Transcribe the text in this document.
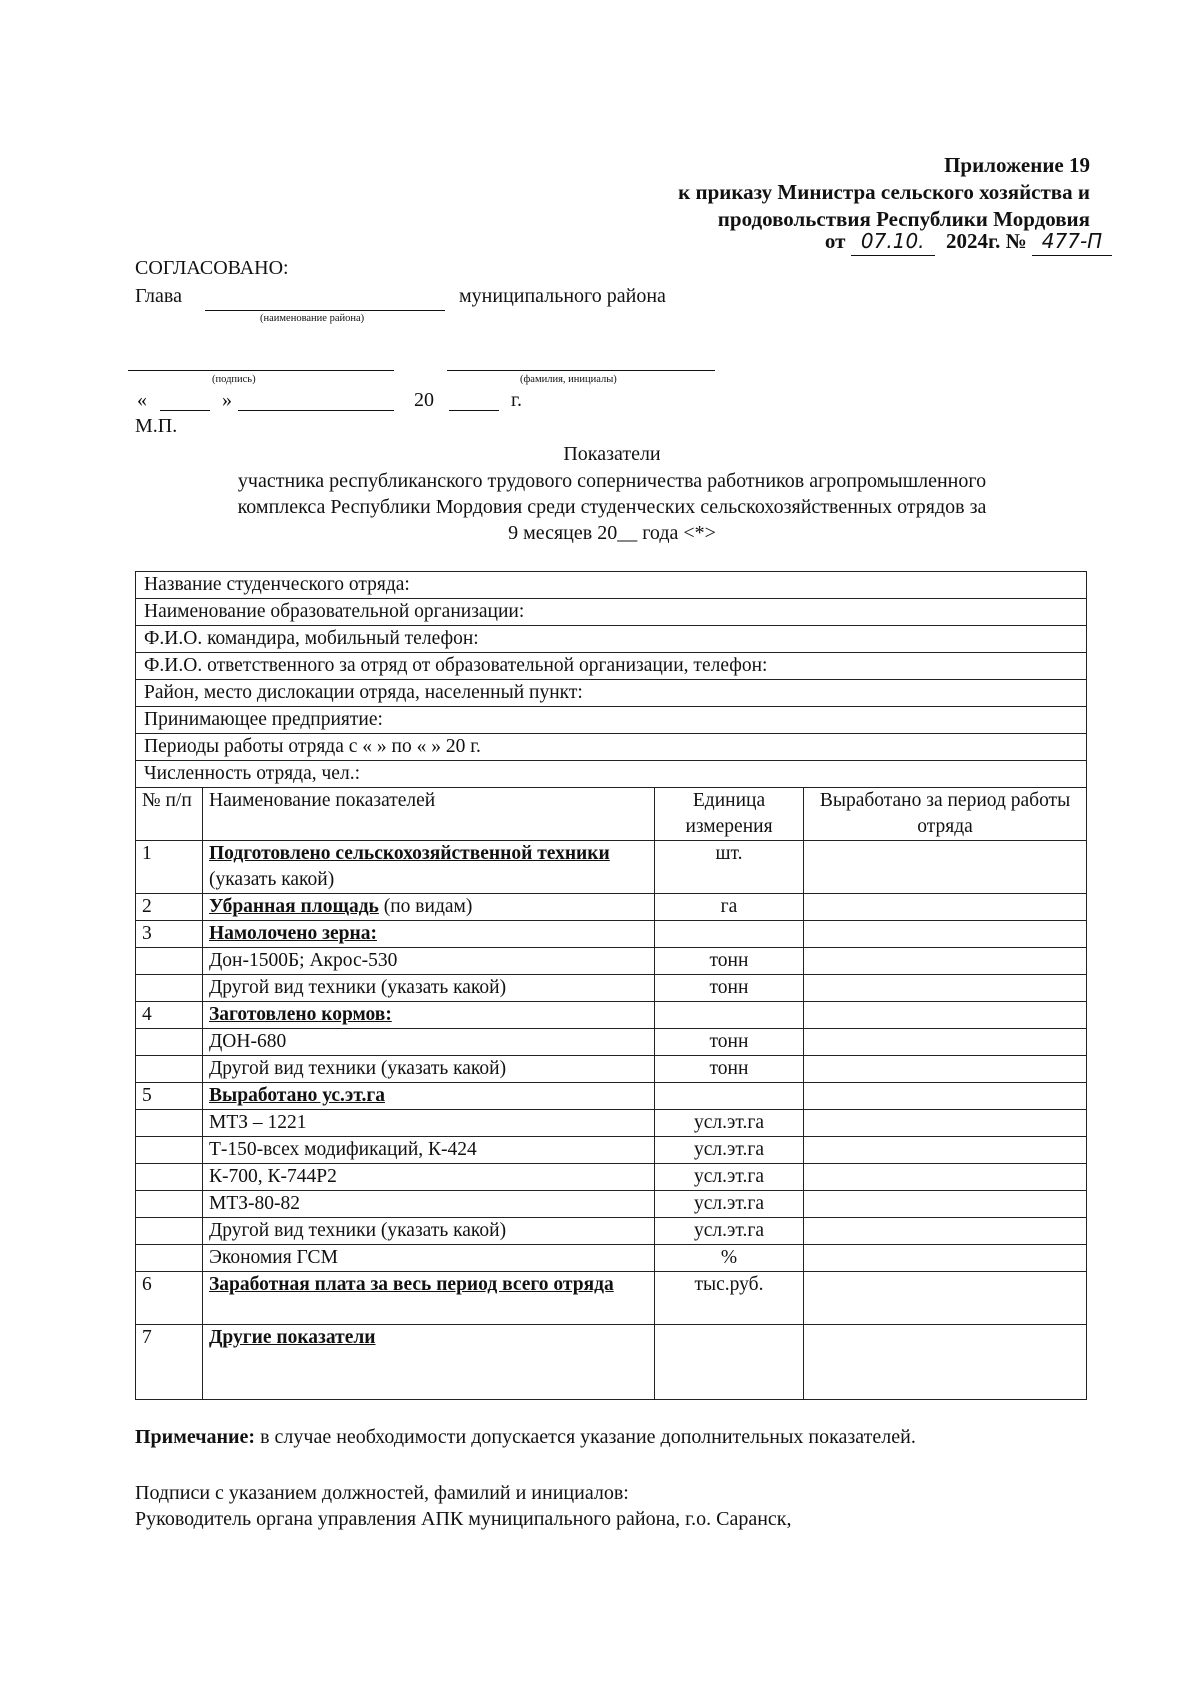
Приложение 19
к приказу Министра сельского хозяйства и
продовольствия Республики Мордовия
от 07.10. 2024г. № 477-П
СОГЛАСОВАНО:
Глава	муниципального района
(наименование района)
(подпись)	(фамилия, инициалы)
«	»	20	г.
М.П.
Показатели
участника республиканского трудового соперничества работников агропромышленного
комплекса Республики Мордовия среди студенческих сельскохозяйственных отрядов за
9 месяцев 20__ года <*>
Название студенческого отряда:			
Наименование образовательной организации:			
Ф.И.О. командира, мобильный телефон:			
Ф.И.О. ответственного за отряд от образовательной организации, телефон:			
Район, место дислокации отряда, населенный пункт:			
Принимающее предприятие:			
Периоды работы отряда с « » по « » 20 г.			
Численность отряда, чел.:			
№ п/п	Наименование показателей	Единица измерения	Выработано за период работы отряда
1	Подготовлено сельскохозяйственной техники (указать какой)	шт.	
2	Убранная площадь (по видам)	га	
3	Намолочено зерна:		
	Дон-1500Б; Акрос-530	тонн	
	Другой вид техники (указать какой)	тонн	
4	Заготовлено кормов:		
	ДОН-680	тонн	
	Другой вид техники (указать какой)	тонн	
5	Выработано ус.эт.га		
	МТЗ – 1221	усл.эт.га	
	Т-150-всех модификаций, К-424	усл.эт.га	
	К-700, К-744Р2	усл.эт.га	
	МТЗ-80-82	усл.эт.га	
	Другой вид техники (указать какой)	усл.эт.га	
	Экономия ГСМ	%	
6	Заработная плата за весь период всего отряда	тыс.руб.	
7	Другие показатели		
Примечание: в случае необходимости допускается указание дополнительных показателей.
Подписи с указанием должностей, фамилий и инициалов:
Руководитель органа управления АПК муниципального района, г.о. Саранск,
